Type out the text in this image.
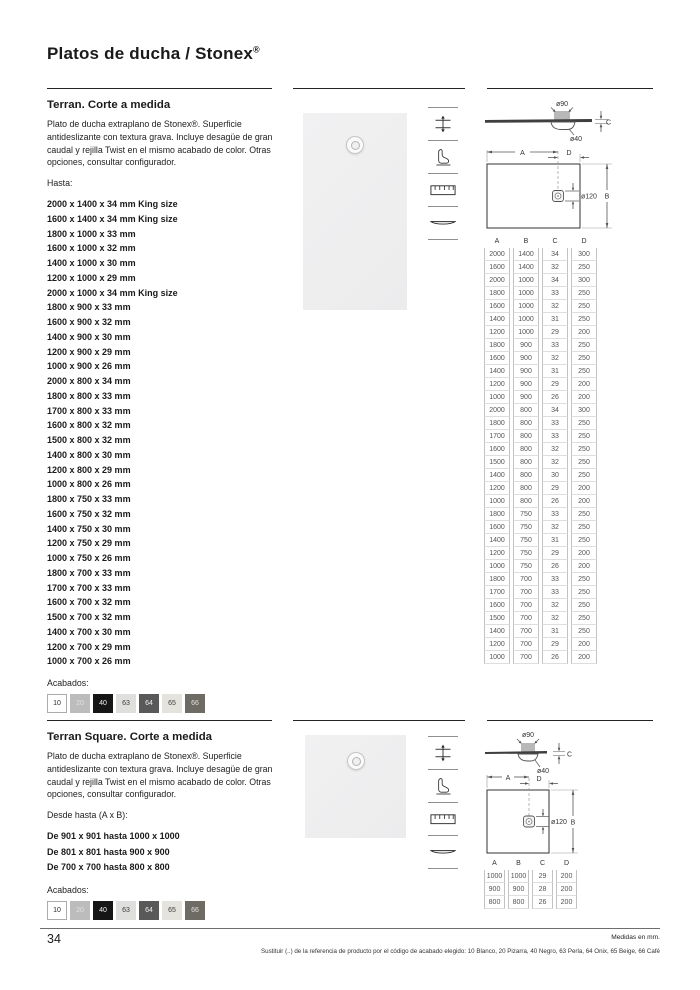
Platos de ducha / Stonex®
Terran. Corte a medida

Plato de ducha extraplano de Stonex®. Superficie antideslizante con textura grava. Incluye desagüe de gran caudal y rejilla Twist en el mismo acabado de color. Otras opciones, consultar configurador.

Hasta:

2000 x 1400 x 34 mm King size
1600 x 1400 x 34 mm King size
1800 x 1000 x 33 mm
1600 x 1000 x 32 mm
1400 x 1000 x 30 mm
1200 x 1000 x 29 mm
2000 x 1000 x 34 mm King size
1800 x 900 x 33 mm
1600 x 900 x 32 mm
1400 x 900 x 30 mm
1200 x 900 x 29 mm
1000 x 900 x 26 mm
2000 x 800 x 34 mm
1800 x 800 x 33 mm
1700 x 800 x 33 mm
1600 x 800 x 32 mm
1500 x 800 x 32 mm
1400 x 800 x 30 mm
1200 x 800 x 29 mm
1000 x 800 x 26 mm
1800 x 750 x 33 mm
1600 x 750 x 32 mm
1400 x 750 x 30 mm
1200 x 750 x 29 mm
1000 x 750 x 26 mm
1800 x 700 x 33 mm
1700 x 700 x 33 mm
1600 x 700 x 32 mm
1500 x 700 x 32 mm
1400 x 700 x 30 mm
1200 x 700 x 29 mm
1000 x 700 x 26 mm

Acabados:

10	20	40	63	64	65	66
ø90
C
ø40
A	D
ø120 B
A	B	C	D
2000	1400	34	300
1600	1400	32	250
2000	1000	34	300
1800	1000	33	250
1600	1000	32	250
1400	1000	31	250
1200	1000	29	200
1800	900	33	250
1600	900	32	250
1400	900	31	250
1200	900	29	200
1000	900	26	200
2000	800	34	300
1800	800	33	250
1700	800	33	250
1600	800	32	250
1500	800	32	250
1400	800	30	250
1200	800	29	200
1000	800	26	200
1800	750	33	250
1600	750	32	250
1400	750	31	250
1200	750	29	200
1000	750	26	200
1800	700	33	250
1700	700	33	250
1600	700	32	250
1500	700	32	250
1400	700	31	250
1200	700	29	200
1000	700	26	200
Terran Square. Corte a medida

Plato de ducha extraplano de Stonex®. Superficie antideslizante con textura grava. Incluye desagüe de gran caudal y rejilla Twist en el mismo acabado de color. Otras opciones, consultar configurador.

Desde hasta (A x B):

De 901 x 901 hasta 1000 x 1000
De 801 x 801 hasta 900 x 900
De 700 x 700 hasta 800 x 800

Acabados:

10	20	40	63	64	65	66
ø90
C
ø40
A	D
ø120 B
A	B	C	D
1000	1000	29	200
900	900	28	200
800	800	26	200
34	Medidas en mm.
Sustituir (..) de la referencia de producto por el código de acabado elegido: 10 Blanco, 20 Pizarra, 40 Negro, 63 Perla, 64 Onix, 65 Beige, 66 Café
